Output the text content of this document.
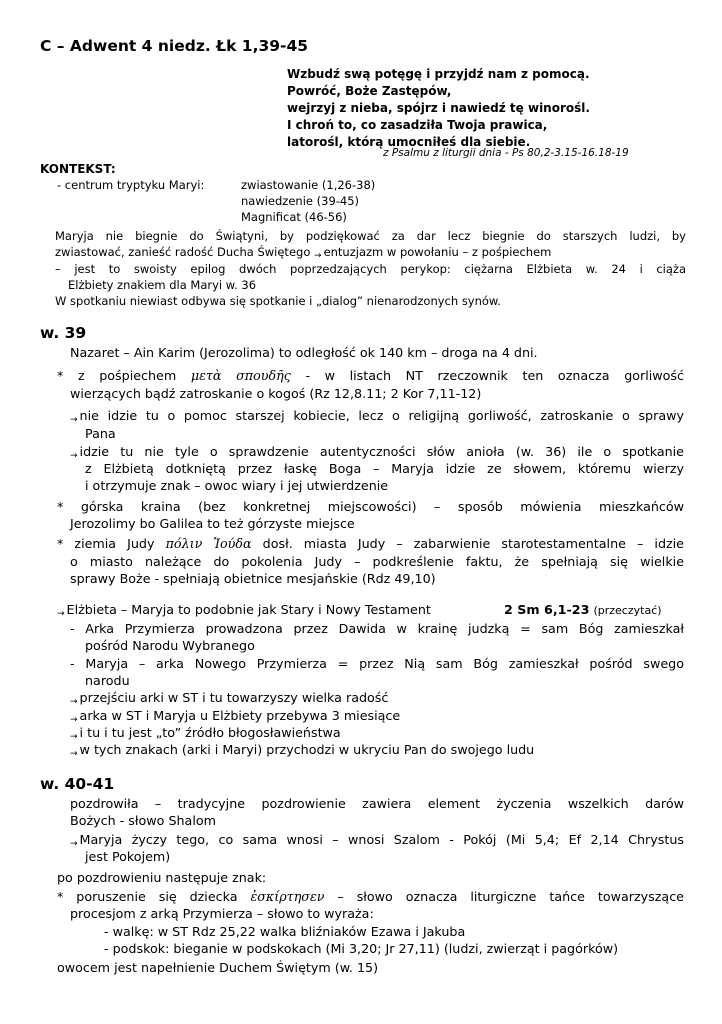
C – Adwent 4 niedz. Łk 1,39-45
Wzbudź swą potęgę i przyjdź nam z pomocą.
Powróć, Boże Zastępów,
wejrzyj z nieba, spójrz i nawiedź tę winorośl.
I chroń to, co zasadziła Twoja prawica,
latorośl, którą umocniłeś dla siebie.
z Psalmu z liturgii dnia - Ps 80,2-3.15-16.18-19
KONTEKST:
- centrum tryptyku Maryi:	zwiastowanie (1,26-38)
nawiedzenie (39-45)
Magnificat (46-56)
Maryja nie biegnie do Świątyni, by podziękować za dar lecz biegnie do starszych ludzi, by
zwiastować, zanieść radość Ducha Świętego → entuzjazm w powołaniu – z pośpiechem
– jest to swoisty epilog dwóch poprzedzających perykop: ciężarna Elżbieta w. 24 i ciąża
Elżbiety znakiem dla Maryi w. 36
W spotkaniu niewiast odbywa się spotkanie i „dialog” nienarodzonych synów.
w. 39
Nazaret – Ain Karim (Jerozolima) to odległość ok 140 km – droga na 4 dni.
* z pośpiechem μετὰ σπουδῆς - w listach NT rzeczownik ten oznacza gorliwość
wierzących bądź zatroskanie o kogoś (Rz 12,8.11; 2 Kor 7,11-12)
→ nie idzie tu o pomoc starszej kobiecie, lecz o religijną gorliwość, zatroskanie o sprawy
Pana
→ idzie tu nie tyle o sprawdzenie autentyczności słów anioła (w. 36) ile o spotkanie
z Elżbietą dotkniętą przez łaskę Boga – Maryja idzie ze słowem, któremu wierzy
i otrzymuje znak – owoc wiary i jej utwierdzenie
* górska kraina (bez konkretnej miejscowości) – sposób mówienia mieszkańców
Jerozolimy bo Galilea to też górzyste miejsce
* ziemia Judy πόλιν Ἰούδα dosł. miasta Judy – zabarwienie starotestamentalne – idzie
o miasto należące do pokolenia Judy – podkreślenie faktu, że spełniają się wielkie
sprawy Boże - spełniają obietnice mesjańskie (Rdz 49,10)
→ Elżbieta – Maryja to podobnie jak Stary i Nowy Testament	2 Sm 6,1-23 (przeczytać)
- Arka Przymierza prowadzona przez Dawida w krainę judzką = sam Bóg zamieszkał
pośród Narodu Wybranego
- Maryja – arka Nowego Przymierza = przez Nią sam Bóg zamieszkał pośród swego
narodu
→ przejściu arki w ST i tu towarzyszy wielka radość
→ arka w ST i Maryja u Elżbiety przebywa 3 miesiące
→ i tu i tu jest „to” źródło błogosławieństwa
→ w tych znakach (arki i Maryi) przychodzi w ukryciu Pan do swojego ludu
w. 40-41
pozdrowiła – tradycyjne pozdrowienie zawiera element życzenia wszelkich darów
Bożych - słowo Shalom
→ Maryja życzy tego, co sama wnosi – wnosi Szalom - Pokój (Mi 5,4; Ef 2,14 Chrystus
jest Pokojem)
po pozdrowieniu następuje znak:
* poruszenie się dziecka ἐσκίρτησεν – słowo oznacza liturgiczne tańce towarzyszące
procesjom z arką Przymierza – słowo to wyraża:
- walkę: w ST Rdz 25,22 walka bliźniaków Ezawa i Jakuba
- podskok: bieganie w podskokach (Mi 3,20; Jr 27,11) (ludzi, zwierząt i pagórków)
owocem jest napełnienie Duchem Świętym (w. 15)
